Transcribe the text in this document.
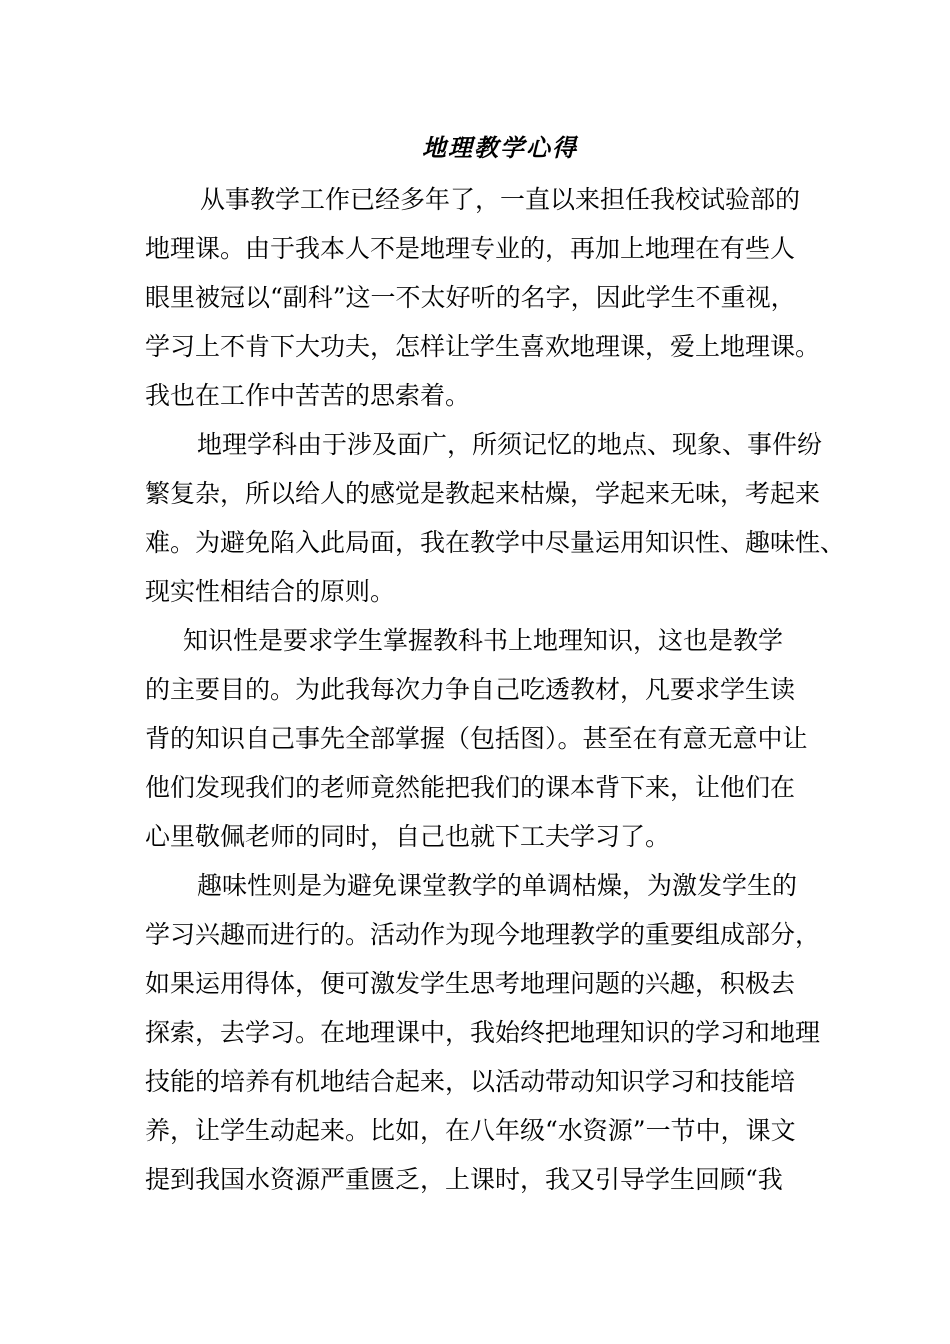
地理教学心得
从事教学工作已经多年了，一直以来担任我校试验部的
地理课。由于我本人不是地理专业的，再加上地理在有些人
眼里被冠以“副科”这一不太好听的名字，因此学生不重视，
学习上不肯下大功夫，怎样让学生喜欢地理课，爱上地理课。
我也在工作中苦苦的思索着。
地理学科由于涉及面广，所须记忆的地点、现象、事件纷
繁复杂，所以给人的感觉是教起来枯燥，学起来无味，考起来
难。为避免陷入此局面，我在教学中尽量运用知识性、趣味性、
现实性相结合的原则。
知识性是要求学生掌握教科书上地理知识，这也是教学
的主要目的。为此我每次力争自己吃透教材，凡要求学生读
背的知识自己事先全部掌握（包括图）。甚至在有意无意中让
他们发现我们的老师竟然能把我们的课本背下来，让他们在
心里敬佩老师的同时，自己也就下工夫学习了。
趣味性则是为避免课堂教学的单调枯燥，为激发学生的
学习兴趣而进行的。活动作为现今地理教学的重要组成部分，
如果运用得体，便可激发学生思考地理问题的兴趣，积极去
探索，去学习。在地理课中，我始终把地理知识的学习和地理
技能的培养有机地结合起来，以活动带动知识学习和技能培
养，让学生动起来。比如，在八年级“水资源”一节中，课文
提到我国水资源严重匮乏，上课时，我又引导学生回顾“我
